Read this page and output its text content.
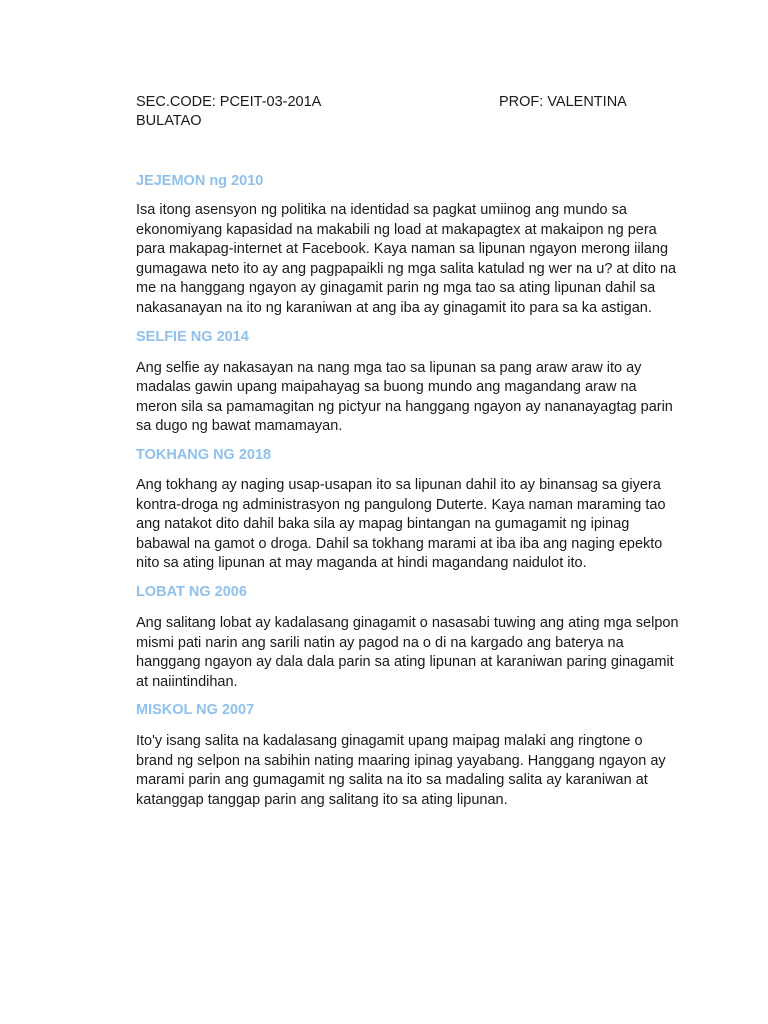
SEC.CODE: PCEIT-03-201A	PROF: VALENTINA
BULATAO
JEJEMON ng 2010

Isa itong asensyon ng politika na identidad sa pagkat umiinog ang mundo sa ekonomiyang kapasidad na makabili ng load at makapagtex at makaipon ng pera para makapag-internet at Facebook. Kaya naman sa lipunan ngayon merong iilang gumagawa neto ito ay ang pagpapaikli ng mga salita katulad ng wer na u? at dito na me na hanggang ngayon ay ginagamit parin ng mga tao sa ating lipunan dahil sa nakasanayan na ito ng karaniwan at ang iba ay ginagamit ito para sa ka astigan.

SELFIE NG 2014

Ang selfie ay nakasayan na nang mga tao sa lipunan sa pang araw araw ito ay madalas gawin upang maipahayag sa buong mundo ang magandang araw na meron sila sa pamamagitan ng pictyur na hanggang ngayon ay nananayagtag parin sa dugo ng bawat mamamayan.

TOKHANG NG 2018

Ang tokhang ay naging usap-usapan ito sa lipunan dahil ito ay binansag sa giyera kontra-droga ng administrasyon ng pangulong Duterte. Kaya naman maraming tao ang natakot dito dahil baka sila ay mapag bintangan na gumagamit ng ipinag babawal na gamot o droga. Dahil sa tokhang marami at iba iba ang naging epekto nito sa ating lipunan at may maganda at hindi magandang naidulot ito.

LOBAT NG 2006

Ang salitang lobat ay kadalasang ginagamit o nasasabi tuwing ang ating mga selpon mismi pati narin ang sarili natin ay pagod na o di na kargado ang baterya na hanggang ngayon ay dala dala parin sa ating lipunan at karaniwan paring ginagamit at naiintindihan.

MISKOL NG 2007

Ito'y isang salita na kadalasang ginagamit upang maipag malaki ang ringtone o brand ng selpon na sabihin nating maaring ipinag yayabang. Hanggang ngayon ay marami parin ang gumagamit ng salita na ito sa madaling salita ay karaniwan at katanggap tanggap parin ang salitang ito sa ating lipunan.
